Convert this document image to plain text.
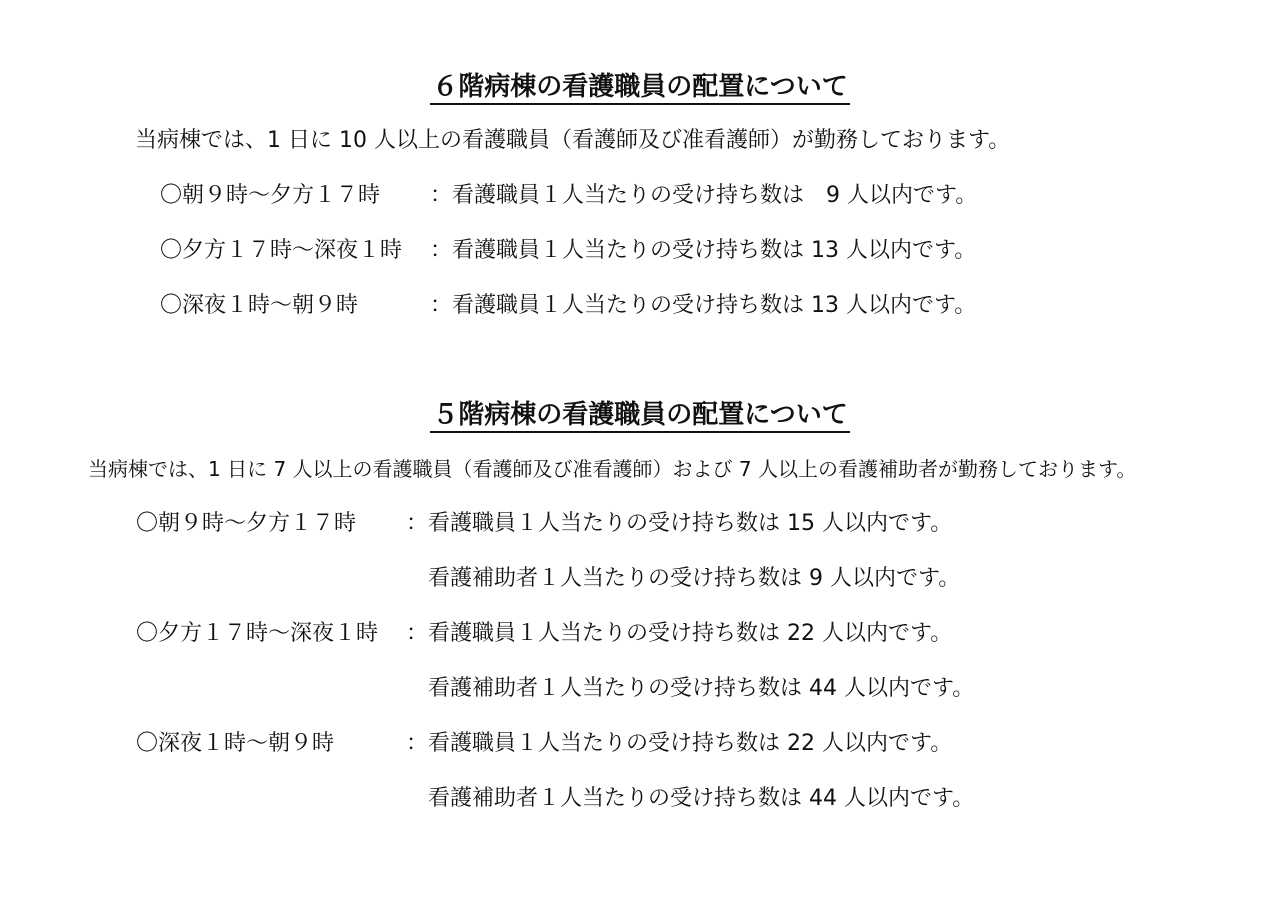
６階病棟の看護職員の配置について
当病棟では、1 日に 10 人以上の看護職員（看護師及び准看護師）が勤務しております。
〇朝９時～夕方１７時 ：看護職員１人当たりの受け持ち数は　9 人以内です。
〇夕方１７時～深夜１時 ：看護職員１人当たりの受け持ち数は 13 人以内です。
〇深夜１時～朝９時	：看護職員１人当たりの受け持ち数は 13 人以内です。
５階病棟の看護職員の配置について
当病棟では、1 日に 7 人以上の看護職員（看護師及び准看護師）および 7 人以上の看護補助者が勤務しております。
〇朝９時～夕方１７時 ：看護職員１人当たりの受け持ち数は 15 人以内です。
看護補助者１人当たりの受け持ち数は 9 人以内です。
〇夕方１７時～深夜１時 ：看護職員１人当たりの受け持ち数は 22 人以内です。
看護補助者１人当たりの受け持ち数は 44 人以内です。
〇深夜１時～朝９時	：看護職員１人当たりの受け持ち数は 22 人以内です。
看護補助者１人当たりの受け持ち数は 44 人以内です。
